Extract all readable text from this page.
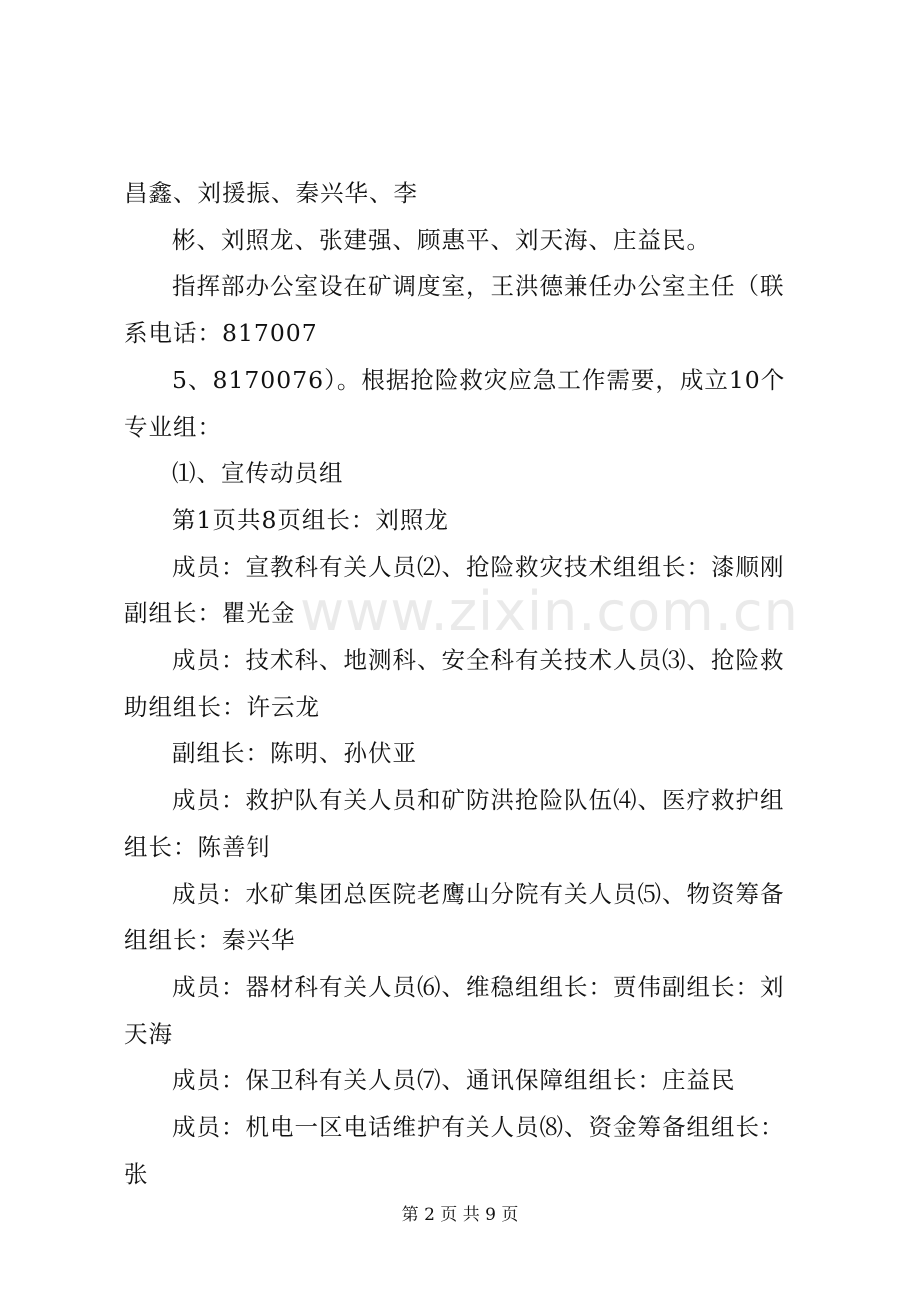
昌鑫、刘援振、秦兴华、李

彬、刘照龙、张建强、顾惠平、刘天海、庄益民。

指挥部办公室设在矿调度室，王洪德兼任办公室主任（联系电话：817007

5、8170076）。根据抢险救灾应急工作需要，成立10个专业组：

⑴、宣传动员组

第1页共8页组长：刘照龙

成员：宣教科有关人员⑵、抢险救灾技术组组长：漆顺刚副组长：瞿光金

成员：技术科、地测科、安全科有关技术人员⑶、抢险救助组组长：许云龙

副组长：陈明、孙伏亚

成员：救护队有关人员和矿防洪抢险队伍⑷、医疗救护组组长：陈善钊

成员：水矿集团总医院老鹰山分院有关人员⑸、物资筹备组组长：秦兴华

成员：器材科有关人员⑹、维稳组组长：贾伟副组长：刘天海

成员：保卫科有关人员⑺、通讯保障组组长：庄益民

成员：机电一区电话维护有关人员⑻、资金筹备组组长：张

www.zixin.com.cn
第 2 页 共 9 页
